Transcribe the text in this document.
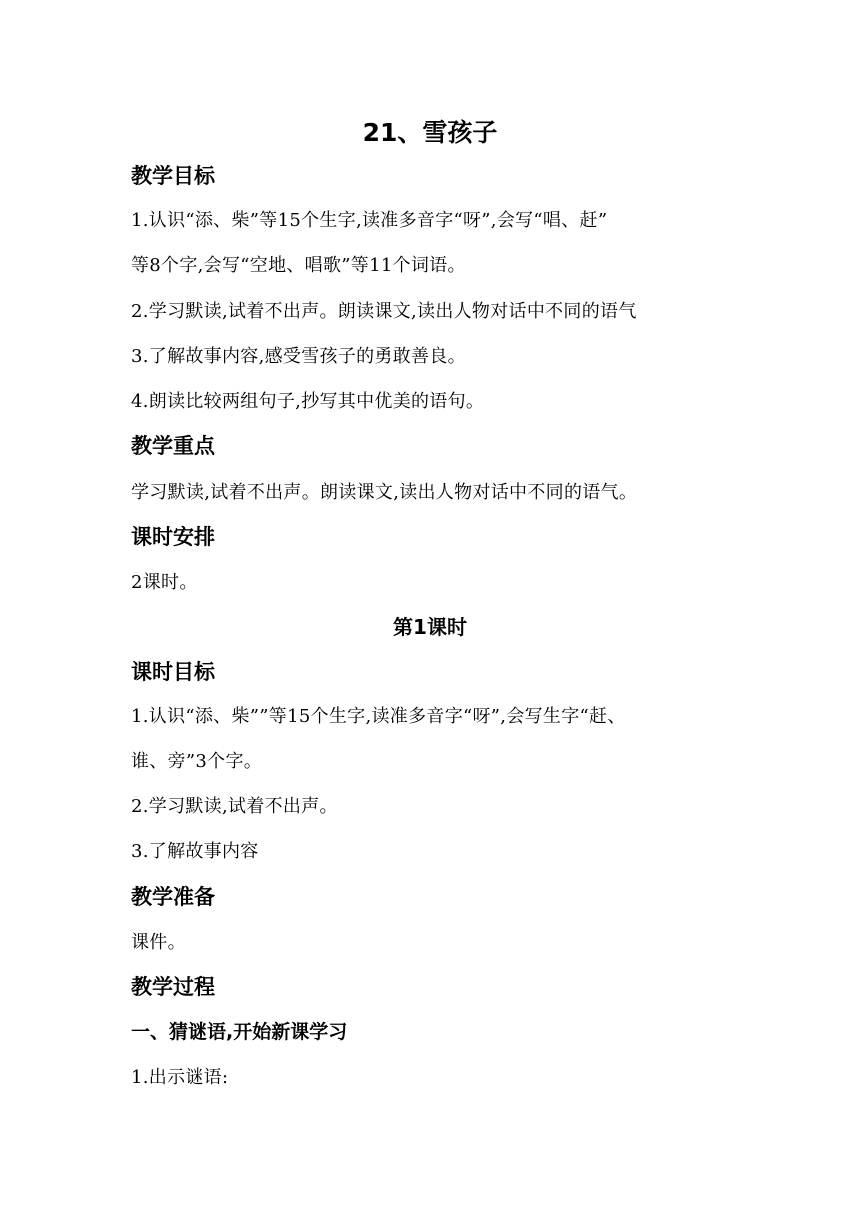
21、雪孩子
教学目标
1.认识“添、柴”等15个生字,读准多音字“呀”,会写“唱、赶”
等8个字,会写“空地、唱歌”等11个词语。
2.学习默读,试着不出声。朗读课文,读出人物对话中不同的语气
3.了解故事内容,感受雪孩子的勇敢善良。
4.朗读比较两组句子,抄写其中优美的语句。
教学重点
学习默读,试着不出声。朗读课文,读出人物对话中不同的语气。
课时安排
2课时。
第1课时
课时目标
1.认识“添、柴””等15个生字,读准多音字“呀”,会写生字“赶、
谁、旁”3个字。
2.学习默读,试着不出声。
3.了解故事内容
教学准备
课件。
教学过程
一、猜谜语,开始新课学习
1.出示谜语:
